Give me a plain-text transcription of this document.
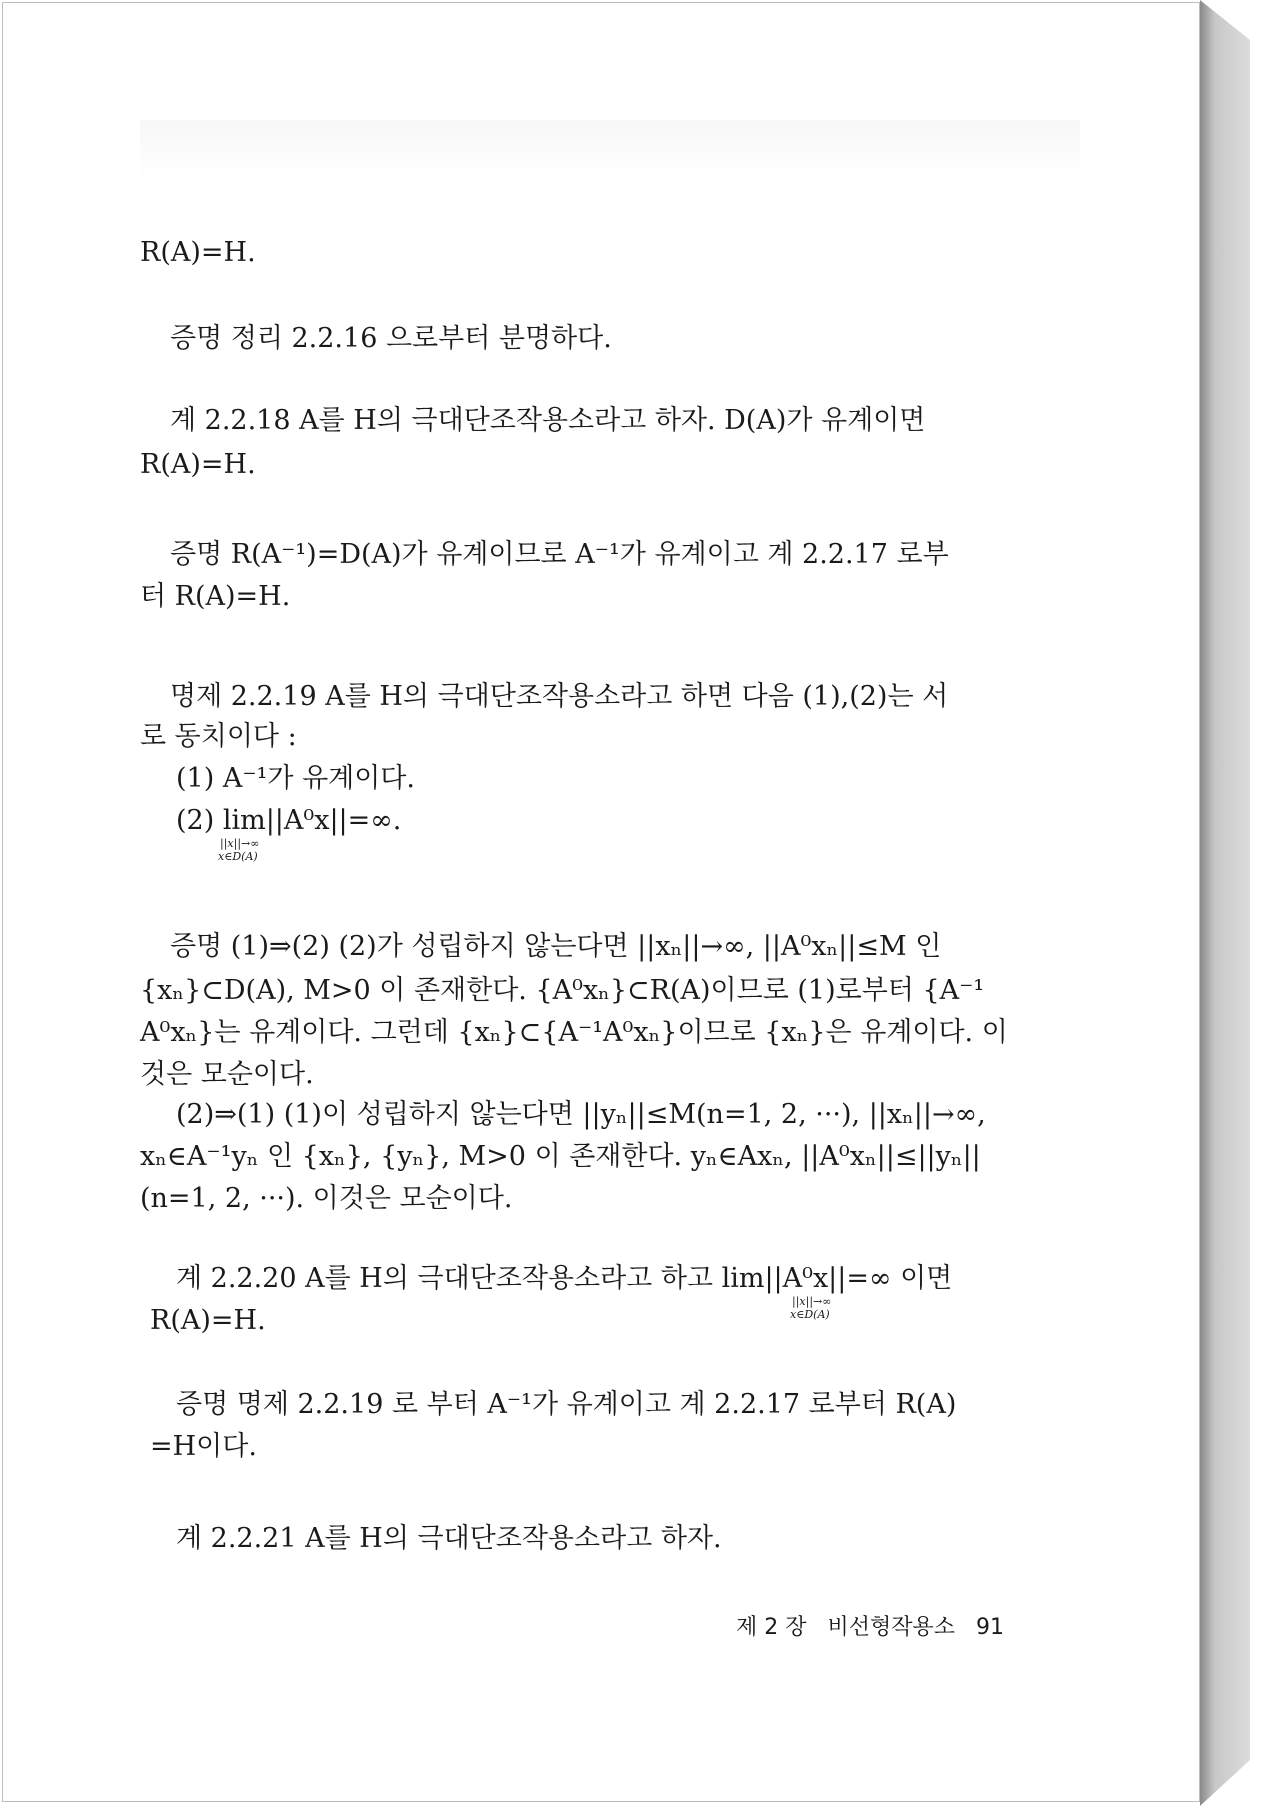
R(A)=H.
증명 정리 2.2.16 으로부터 분명하다.
계 2.2.18 A를 H의 극대단조작용소라고 하자. D(A)가 유계이면
R(A)=H.
증명 R(A⁻¹)=D(A)가 유계이므로 A⁻¹가 유계이고 계 2.2.17 로부
터 R(A)=H.
명제 2.2.19 A를 H의 극대단조작용소라고 하면 다음 (1),(2)는 서
로 동치이다 :
(1) A⁻¹가 유계이다.
(2) lim||A⁰x||=∞.
||x||→∞
x∈D(A)
증명 (1)⇒(2) (2)가 성립하지 않는다면 ||xₙ||→∞, ||A⁰xₙ||≤M 인
{xₙ}⊂D(A), M>0 이 존재한다. {A⁰xₙ}⊂R(A)이므로 (1)로부터 {A⁻¹
A⁰xₙ}는 유계이다. 그런데 {xₙ}⊂{A⁻¹A⁰xₙ}이므로 {xₙ}은 유계이다. 이
것은 모순이다.
(2)⇒(1) (1)이 성립하지 않는다면 ||yₙ||≤M(n=1, 2, ···), ||xₙ||→∞,
xₙ∈A⁻¹yₙ 인 {xₙ}, {yₙ}, M>0 이 존재한다. yₙ∈Axₙ, ||A⁰xₙ||≤||yₙ||
(n=1, 2, ···). 이것은 모순이다.
계 2.2.20 A를 H의 극대단조작용소라고 하고 lim||A⁰x||=∞ 이면
||x||→∞
x∈D(A)
R(A)=H.
증명 명제 2.2.19 로 부터 A⁻¹가 유계이고 계 2.2.17 로부터 R(A)
=H이다.
계 2.2.21 A를 H의 극대단조작용소라고 하자.
제 2 장 비선형작용소 91
